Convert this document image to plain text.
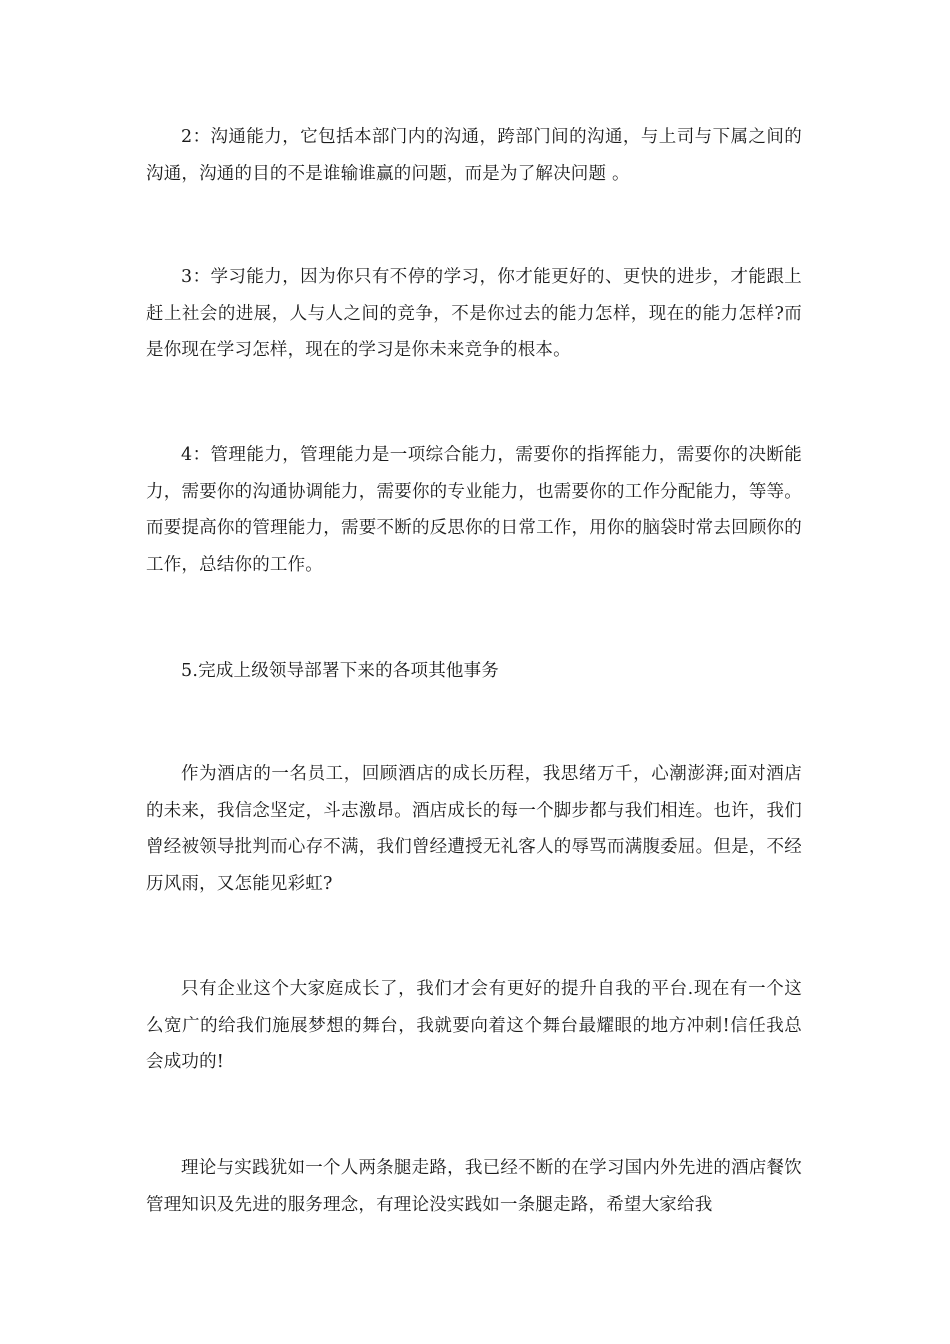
2：沟通能力，它包括本部门内的沟通，跨部门间的沟通，与上司与下属之间的沟通，沟通的目的不是谁输谁赢的问题，而是为了解决问题 。

3：学习能力，因为你只有不停的学习，你才能更好的、更快的进步，才能跟上赶上社会的进展，人与人之间的竞争，不是你过去的能力怎样，现在的能力怎样?而是你现在学习怎样，现在的学习是你未来竞争的根本。

4：管理能力，管理能力是一项综合能力，需要你的指挥能力，需要你的决断能力，需要你的沟通协调能力，需要你的专业能力，也需要你的工作分配能力，等等。而要提高你的管理能力，需要不断的反思你的日常工作，用你的脑袋时常去回顾你的工作，总结你的工作。

5.完成上级领导部署下来的各项其他事务

作为酒店的一名员工，回顾酒店的成长历程，我思绪万千，心潮澎湃;面对酒店的未来，我信念坚定，斗志激昂。酒店成长的每一个脚步都与我们相连。也许，我们曾经被领导批判而心存不满，我们曾经遭授无礼客人的辱骂而满腹委屈。但是，不经历风雨，又怎能见彩虹?

只有企业这个大家庭成长了，我们才会有更好的提升自我的平台.现在有一个这么宽广的给我们施展梦想的舞台，我就要向着这个舞台最耀眼的地方冲刺!信任我总会成功的!

理论与实践犹如一个人两条腿走路，我已经不断的在学习国内外先进的酒店餐饮管理知识及先进的服务理念，有理论没实践如一条腿走路，希望大家给我
